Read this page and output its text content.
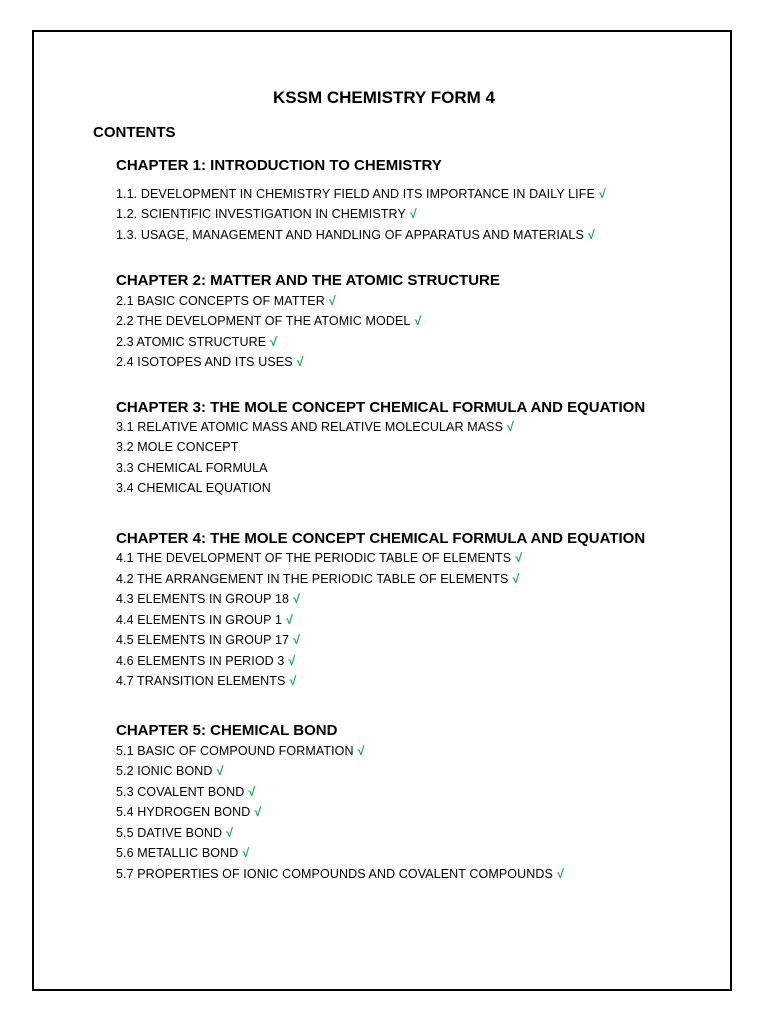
KSSM CHEMISTRY FORM 4
CONTENTS
CHAPTER 1: INTRODUCTION TO CHEMISTRY
1.1. DEVELOPMENT IN CHEMISTRY FIELD AND ITS IMPORTANCE IN DAILY LIFE √
1.2. SCIENTIFIC INVESTIGATION IN CHEMISTRY √
1.3. USAGE, MANAGEMENT AND HANDLING OF APPARATUS AND MATERIALS √
CHAPTER 2: MATTER AND THE ATOMIC STRUCTURE
2.1 BASIC CONCEPTS OF MATTER √
2.2 THE DEVELOPMENT OF THE ATOMIC MODEL √
2.3 ATOMIC STRUCTURE √
2.4 ISOTOPES AND ITS USES √
CHAPTER 3: THE MOLE CONCEPT CHEMICAL FORMULA AND EQUATION
3.1 RELATIVE ATOMIC MASS AND RELATIVE MOLECULAR MASS √
3.2 MOLE CONCEPT
3.3 CHEMICAL FORMULA
3.4 CHEMICAL EQUATION
CHAPTER 4: THE MOLE CONCEPT CHEMICAL FORMULA AND EQUATION
4.1 THE DEVELOPMENT OF THE PERIODIC TABLE OF ELEMENTS √
4.2 THE ARRANGEMENT IN THE PERIODIC TABLE OF ELEMENTS √
4.3 ELEMENTS IN GROUP 18 √
4.4 ELEMENTS IN GROUP 1 √
4.5 ELEMENTS IN GROUP 17 √
4.6 ELEMENTS IN PERIOD 3 √
4.7 TRANSITION ELEMENTS √
CHAPTER 5: CHEMICAL BOND
5.1 BASIC OF COMPOUND FORMATION √
5.2 IONIC BOND √
5.3 COVALENT BOND √
5.4 HYDROGEN BOND √
5.5 DATIVE BOND √
5.6 METALLIC BOND √
5.7 PROPERTIES OF IONIC COMPOUNDS AND COVALENT COMPOUNDS √
